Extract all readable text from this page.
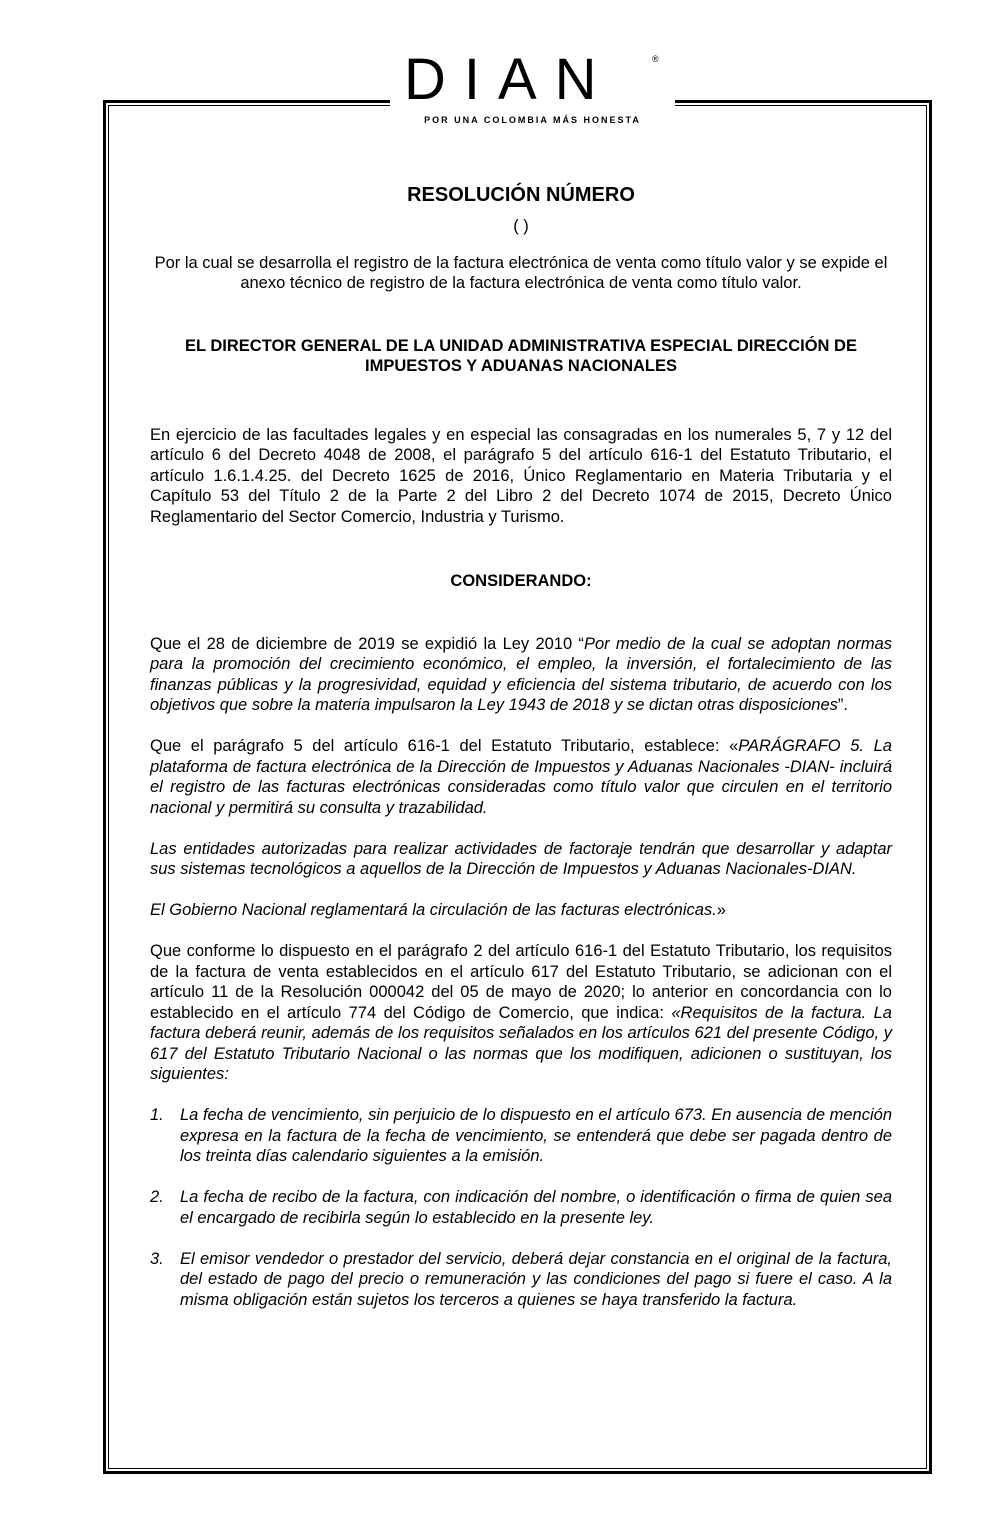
DIAN	®
POR UNA COLOMBIA MÁS HONESTA

RESOLUCIÓN NÚMERO

( )

Por la cual se desarrolla el registro de la factura electrónica de venta como título valor y se expide el anexo técnico de registro de la factura electrónica de venta como título valor.

EL DIRECTOR GENERAL DE LA UNIDAD ADMINISTRATIVA ESPECIAL DIRECCIÓN DE IMPUESTOS Y ADUANAS NACIONALES

En ejercicio de las facultades legales y en especial las consagradas en los numerales 5, 7 y 12 del artículo 6 del Decreto 4048 de 2008, el parágrafo 5 del artículo 616-1 del Estatuto Tributario, el artículo 1.6.1.4.25. del Decreto 1625 de 2016, Único Reglamentario en Materia Tributaria y el Capítulo 53 del Título 2 de la Parte 2 del Libro 2 del Decreto 1074 de 2015, Decreto Único Reglamentario del Sector Comercio, Industria y Turismo.

CONSIDERANDO:

Que el 28 de diciembre de 2019 se expidió la Ley 2010 “Por medio de la cual se adoptan normas para la promoción del crecimiento económico, el empleo, la inversión, el fortalecimiento de las finanzas públicas y la progresividad, equidad y eficiencia del sistema tributario, de acuerdo con los objetivos que sobre la materia impulsaron la Ley 1943 de 2018 y se dictan otras disposiciones”.

Que el parágrafo 5 del artículo 616-1 del Estatuto Tributario, establece: «PARÁGRAFO 5. La plataforma de factura electrónica de la Dirección de Impuestos y Aduanas Nacionales -DIAN- incluirá el registro de las facturas electrónicas consideradas como título valor que circulen en el territorio nacional y permitirá su consulta y trazabilidad.

Las entidades autorizadas para realizar actividades de factoraje tendrán que desarrollar y adaptar sus sistemas tecnológicos a aquellos de la Dirección de Impuestos y Aduanas Nacionales-DIAN.

El Gobierno Nacional reglamentará la circulación de las facturas electrónicas.»

Que conforme lo dispuesto en el parágrafo 2 del artículo 616-1 del Estatuto Tributario, los requisitos de la factura de venta establecidos en el artículo 617 del Estatuto Tributario, se adicionan con el artículo 11 de la Resolución 000042 del 05 de mayo de 2020; lo anterior en concordancia con lo establecido en el artículo 774 del Código de Comercio, que indica: «Requisitos de la factura. La factura deberá reunir, además de los requisitos señalados en los artículos 621 del presente Código, y 617 del Estatuto Tributario Nacional o las normas que los modifiquen, adicionen o sustituyan, los siguientes:

1. La fecha de vencimiento, sin perjuicio de lo dispuesto en el artículo 673. En ausencia de mención expresa en la factura de la fecha de vencimiento, se entenderá que debe ser pagada dentro de los treinta días calendario siguientes a la emisión.
2. La fecha de recibo de la factura, con indicación del nombre, o identificación o firma de quien sea el encargado de recibirla según lo establecido en la presente ley.
3. El emisor vendedor o prestador del servicio, deberá dejar constancia en el original de la factura, del estado de pago del precio o remuneración y las condiciones del pago si fuere el caso. A la misma obligación están sujetos los terceros a quienes se haya transferido la factura.
